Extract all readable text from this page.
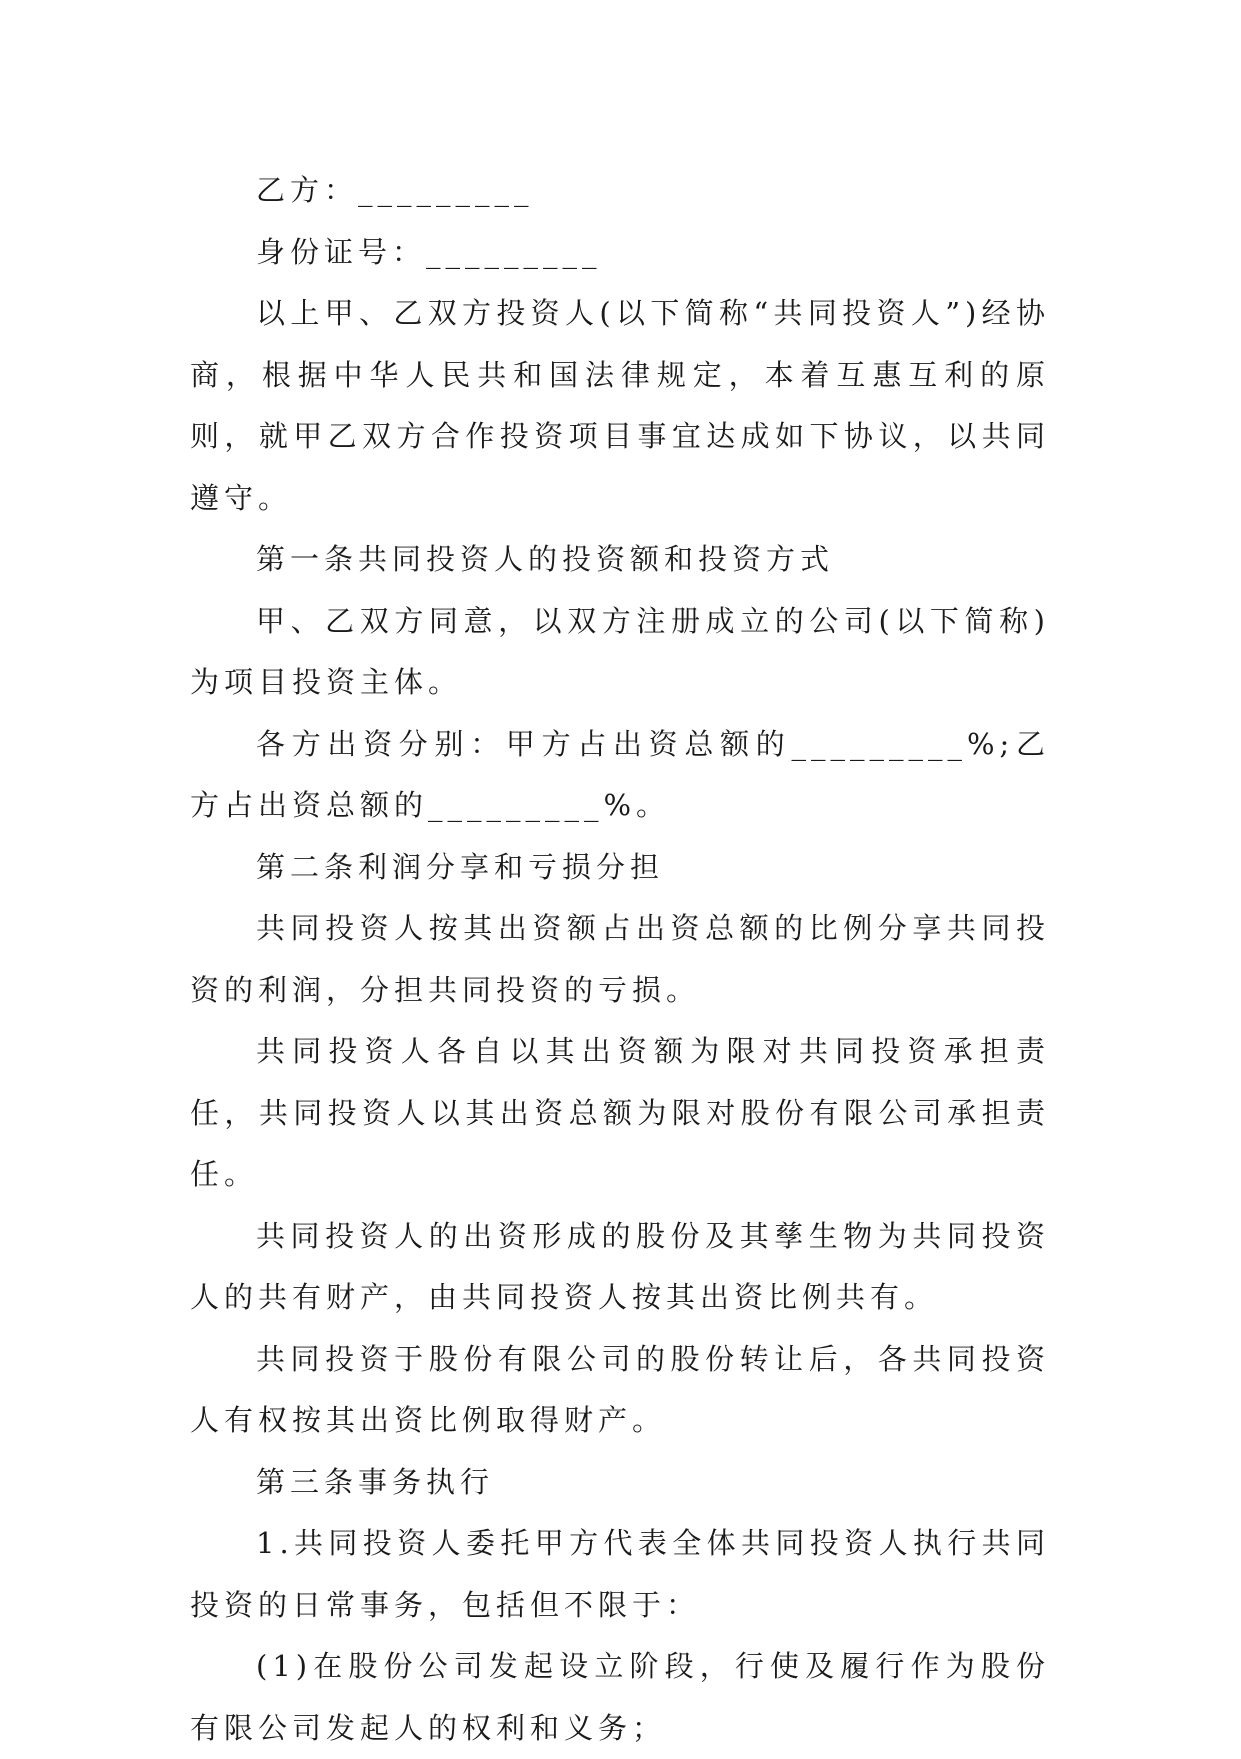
乙方：_________

身份证号：_________

以上甲、乙双方投资人(以下简称“共同投资人”)经协商，根据中华人民共和国法律规定，本着互惠互利的原则，就甲乙双方合作投资项目事宜达成如下协议，以共同遵守。

第一条共同投资人的投资额和投资方式

甲、乙双方同意，以双方注册成立的公司(以下简称)为项目投资主体。

各方出资分别：甲方占出资总额的_________%;乙方占出资总额的_________%。

第二条利润分享和亏损分担

共同投资人按其出资额占出资总额的比例分享共同投资的利润，分担共同投资的亏损。

共同投资人各自以其出资额为限对共同投资承担责任，共同投资人以其出资总额为限对股份有限公司承担责任。

共同投资人的出资形成的股份及其孳生物为共同投资人的共有财产，由共同投资人按其出资比例共有。

共同投资于股份有限公司的股份转让后，各共同投资人有权按其出资比例取得财产。

第三条事务执行

1.共同投资人委托甲方代表全体共同投资人执行共同投资的日常事务，包括但不限于：

(1)在股份公司发起设立阶段，行使及履行作为股份有限公司发起人的权利和义务；
